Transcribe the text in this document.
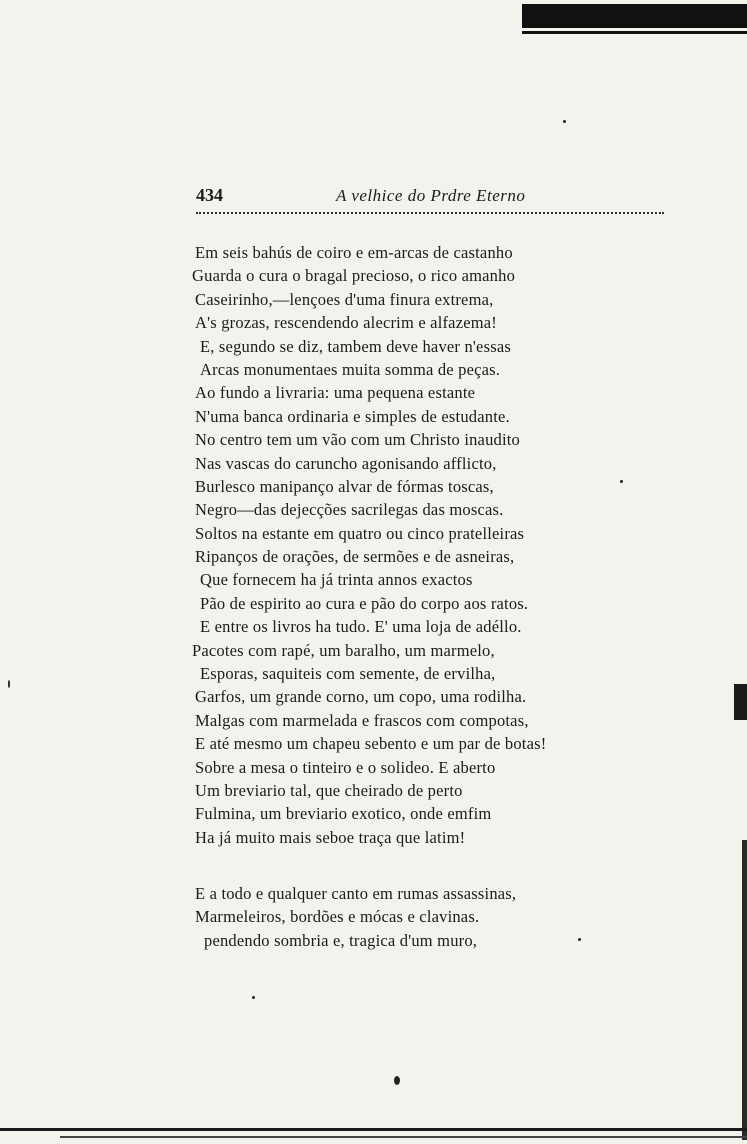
434	A velhice do Prdre Eterno
Em seis bahús de coiro e em-arcas de castanho
Guarda o cura o bragal precioso, o rico amanho
Caseirinho,—lençoes d'uma finura extrema,
A's grozas, rescendendo alecrim e alfazema!
E, segundo se diz, tambem deve haver n'essas
Arcas monumentaes muita somma de peças.
Ao fundo a livraria: uma pequena estante
N'uma banca ordinaria e simples de estudante.
No centro tem um vão com um Christo inaudito
Nas vascas do caruncho agonisando afflicto,
Burlesco manipanço alvar de fórmas toscas,
Negro—das dejecções sacrilegas das moscas.
Soltos na estante em quatro ou cinco pratelleiras
Ripanços de orações, de sermões e de asneiras,
Que fornecem ha já trinta annos exactos
Pão de espirito ao cura e pão do corpo aos ratos.
E entre os livros ha tudo. E' uma loja de adéllo.
Pacotes com rapé, um baralho, um marmelo,
Esporas, saquiteis com semente, de ervilha,
Garfos, um grande corno, um copo, uma rodilha.
Malgas com marmelada e frascos com compotas,
E até mesmo um chapeu sebento e um par de botas!
Sobre a mesa o tinteiro e o solideo. E aberto
Um breviario tal, que cheirado de perto
Fulmina, um breviario exotico, onde emfim
Ha já muito mais seboe traça que latim!
E a todo e qualquer canto em rumas assassinas,
Marmeleiros, bordões e mócas e clavinas.
pendendo sombria e, tragica d'um muro,
